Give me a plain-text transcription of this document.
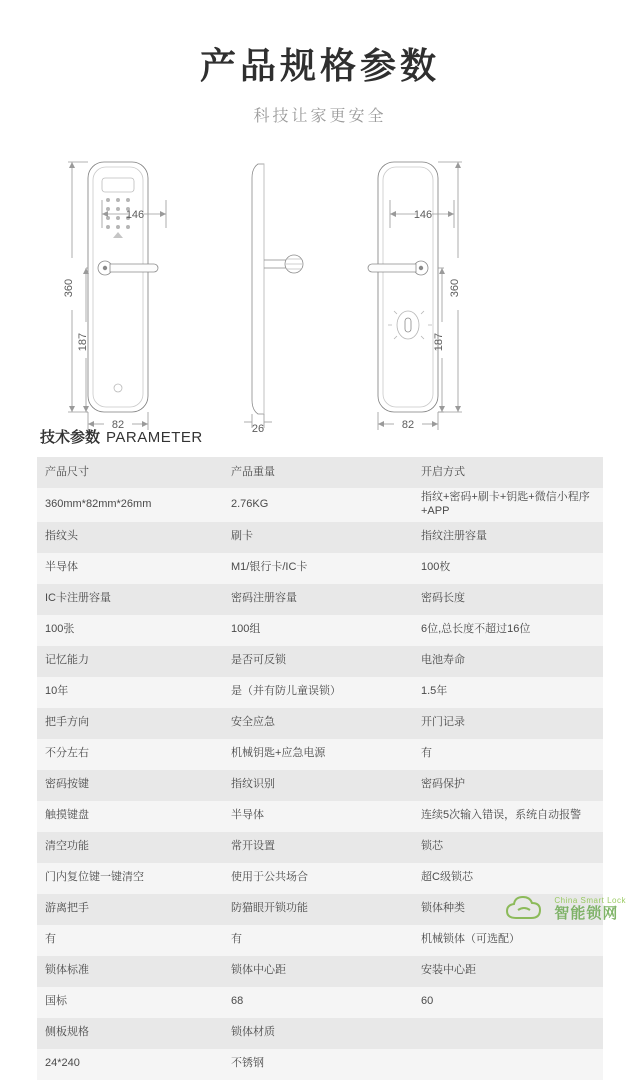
产品规格参数
科技让家更安全
146
360
187
82	26
146
360
187
82
技术参数 PARAMETER
产品尺寸	产品重量	开启方式
360mm*82mm*26mm	2.76KG	指纹+密码+刷卡+钥匙+微信小程序+APP
指纹头	刷卡	指纹注册容量
半导体	M1/银行卡/IC卡	100枚
IC卡注册容量	密码注册容量	密码长度
100张	100组	6位,总长度不超过16位
记忆能力	是否可反锁	电池寿命
10年	是（并有防儿童误锁）	1.5年
把手方向	安全应急	开门记录
不分左右	机械钥匙+应急电源	有
密码按键	指纹识别	密码保护
触摸键盘	半导体	连续5次输入错误，系统自动报警
清空功能	常开设置	锁芯
门内复位键一键清空	使用于公共场合	超C级锁芯
游离把手	防猫眼开锁功能	锁体种类
有	有	机械锁体（可选配）
锁体标准	锁体中心距	安装中心距
国标	68	60
侧板规格	锁体材质	
24*240	不锈钢	
China Smart Lock
智能锁网
